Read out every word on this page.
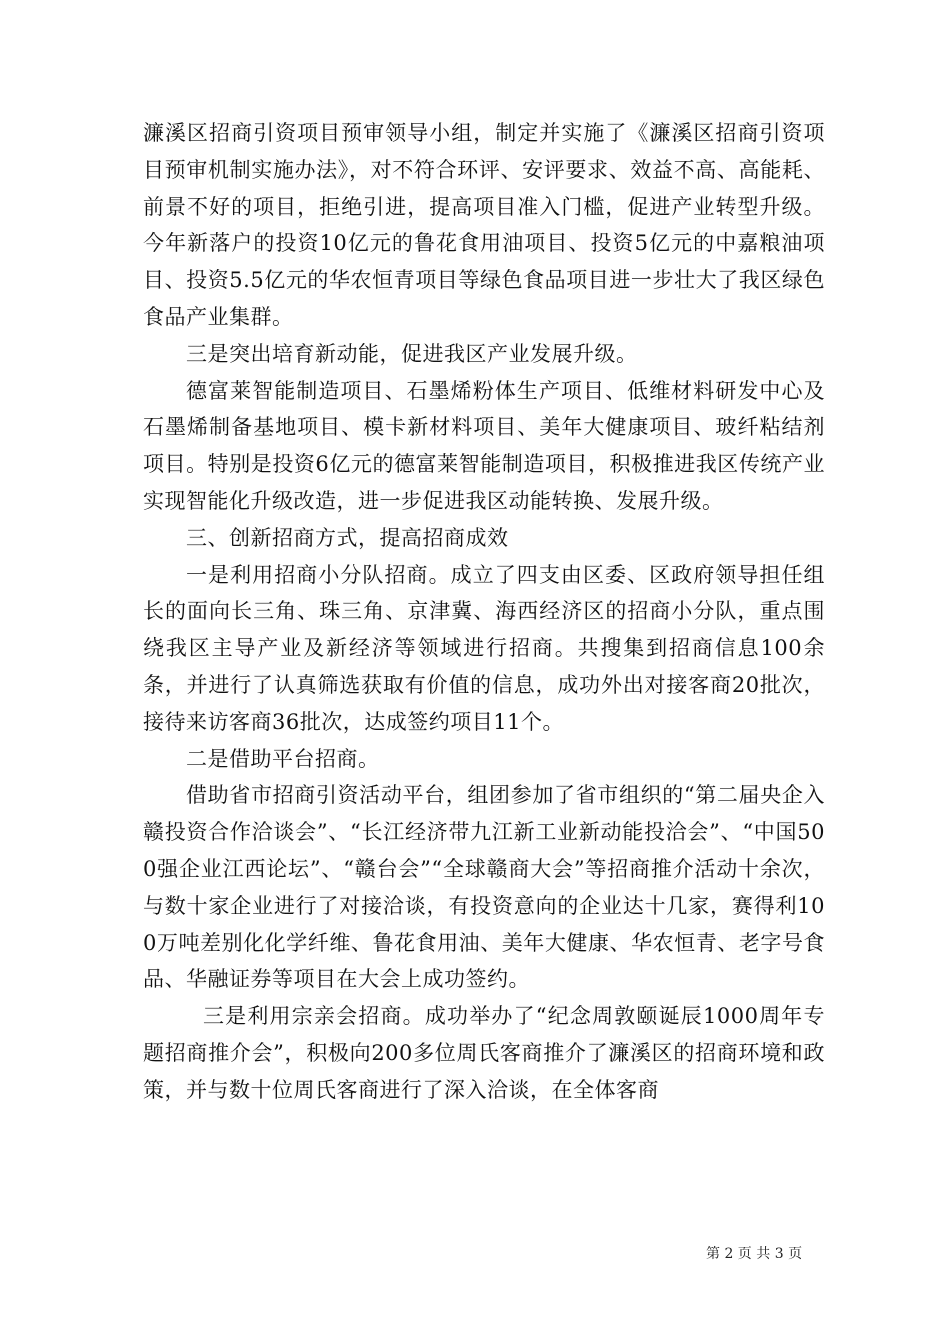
濂溪区招商引资项目预审领导小组，制定并实施了《濂溪区招商引资项目预审机制实施办法》，对不符合环评、安评要求、效益不高、高能耗、前景不好的项目，拒绝引进，提高项目准入门槛，促进产业转型升级。今年新落户的投资10亿元的鲁花食用油项目、投资5亿元的中嘉粮油项目、投资5.5亿元的华农恒青项目等绿色食品项目进一步壮大了我区绿色食品产业集群。

三是突出培育新动能，促进我区产业发展升级。

德富莱智能制造项目、石墨烯粉体生产项目、低维材料研发中心及石墨烯制备基地项目、模卡新材料项目、美年大健康项目、玻纤粘结剂项目。特别是投资6亿元的德富莱智能制造项目，积极推进我区传统产业实现智能化升级改造，进一步促进我区动能转换、发展升级。

三、创新招商方式，提高招商成效

一是利用招商小分队招商。成立了四支由区委、区政府领导担任组长的面向长三角、珠三角、京津冀、海西经济区的招商小分队，重点围绕我区主导产业及新经济等领域进行招商。共搜集到招商信息100余条，并进行了认真筛选获取有价值的信息，成功外出对接客商20批次，接待来访客商36批次，达成签约项目11个。

二是借助平台招商。

借助省市招商引资活动平台，组团参加了省市组织的“第二届央企入赣投资合作洽谈会”、“长江经济带九江新工业新动能投洽会”、“中国500强企业江西论坛”、“赣台会”“全球赣商大会”等招商推介活动十余次，与数十家企业进行了对接洽谈，有投资意向的企业达十几家，赛得利100万吨差别化化学纤维、鲁花食用油、美年大健康、华农恒青、老字号食品、华融证券等项目在大会上成功签约。

三是利用宗亲会招商。成功举办了“纪念周敦颐诞辰1000周年专题招商推介会”，积极向200多位周氏客商推介了濂溪区的招商环境和政策，并与数十位周氏客商进行了深入洽谈，在全体客商

第 2 页 共 3 页
